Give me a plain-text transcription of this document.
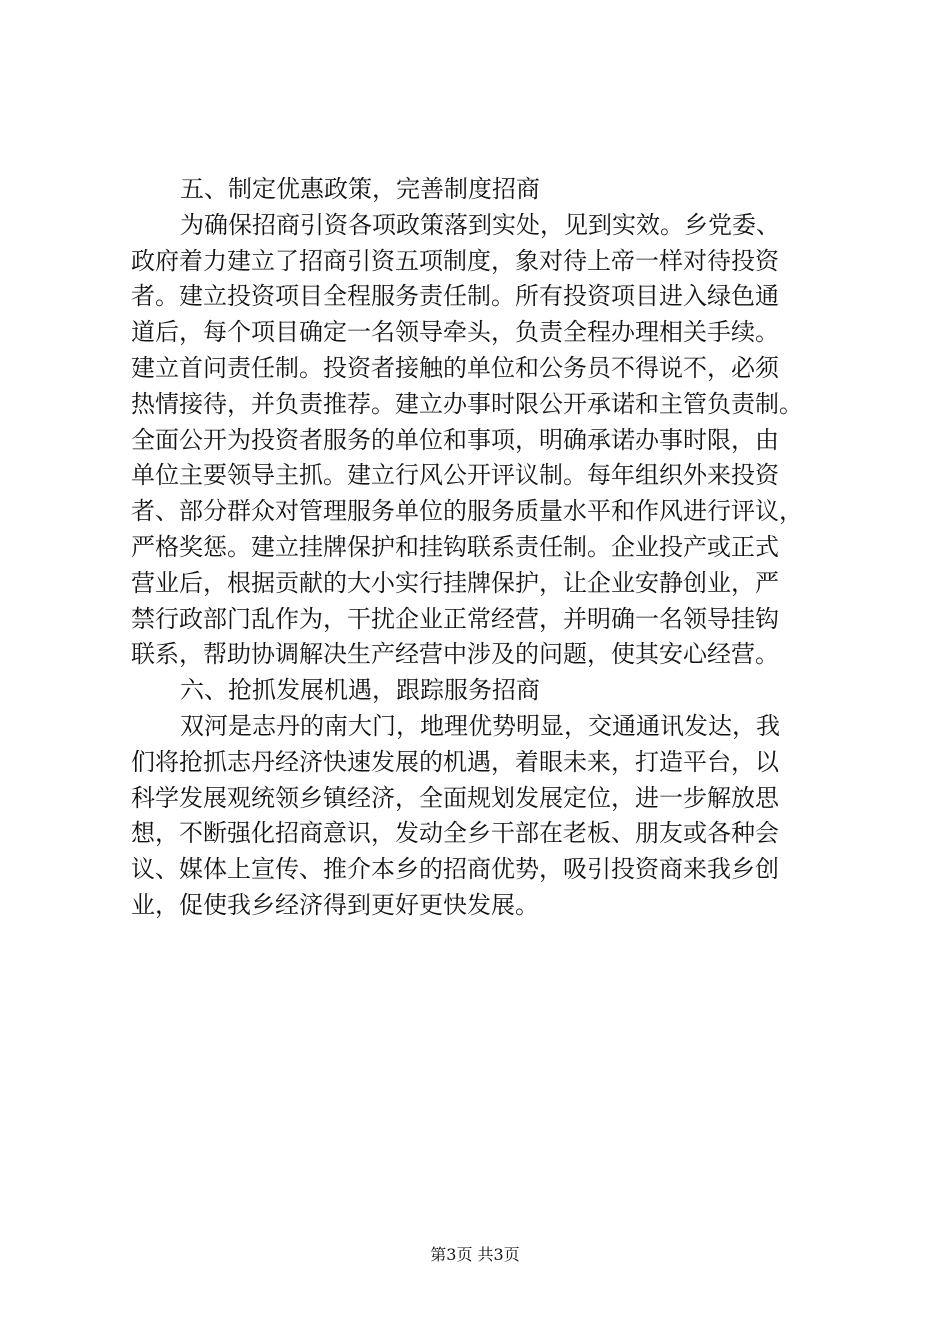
五、制定优惠政策，完善制度招商
为确保招商引资各项政策落到实处，见到实效。乡党委、
政府着力建立了招商引资五项制度，象对待上帝一样对待投资
者。建立投资项目全程服务责任制。所有投资项目进入绿色通
道后，每个项目确定一名领导牵头，负责全程办理相关手续。
建立首问责任制。投资者接触的单位和公务员不得说不，必须
热情接待，并负责推荐。建立办事时限公开承诺和主管负责制。
全面公开为投资者服务的单位和事项，明确承诺办事时限，由
单位主要领导主抓。建立行风公开评议制。每年组织外来投资
者、部分群众对管理服务单位的服务质量水平和作风进行评议，
严格奖惩。建立挂牌保护和挂钩联系责任制。企业投产或正式
营业后，根据贡献的大小实行挂牌保护，让企业安静创业，严
禁行政部门乱作为，干扰企业正常经营，并明确一名领导挂钩
联系，帮助协调解决生产经营中涉及的问题，使其安心经营。
六、抢抓发展机遇，跟踪服务招商
双河是志丹的南大门，地理优势明显，交通通讯发达，我
们将抢抓志丹经济快速发展的机遇，着眼未来，打造平台，以
科学发展观统领乡镇经济，全面规划发展定位，进一步解放思
想，不断强化招商意识，发动全乡干部在老板、朋友或各种会
议、媒体上宣传、推介本乡的招商优势，吸引投资商来我乡创
业，促使我乡经济得到更好更快发展。
第3页 共3页
